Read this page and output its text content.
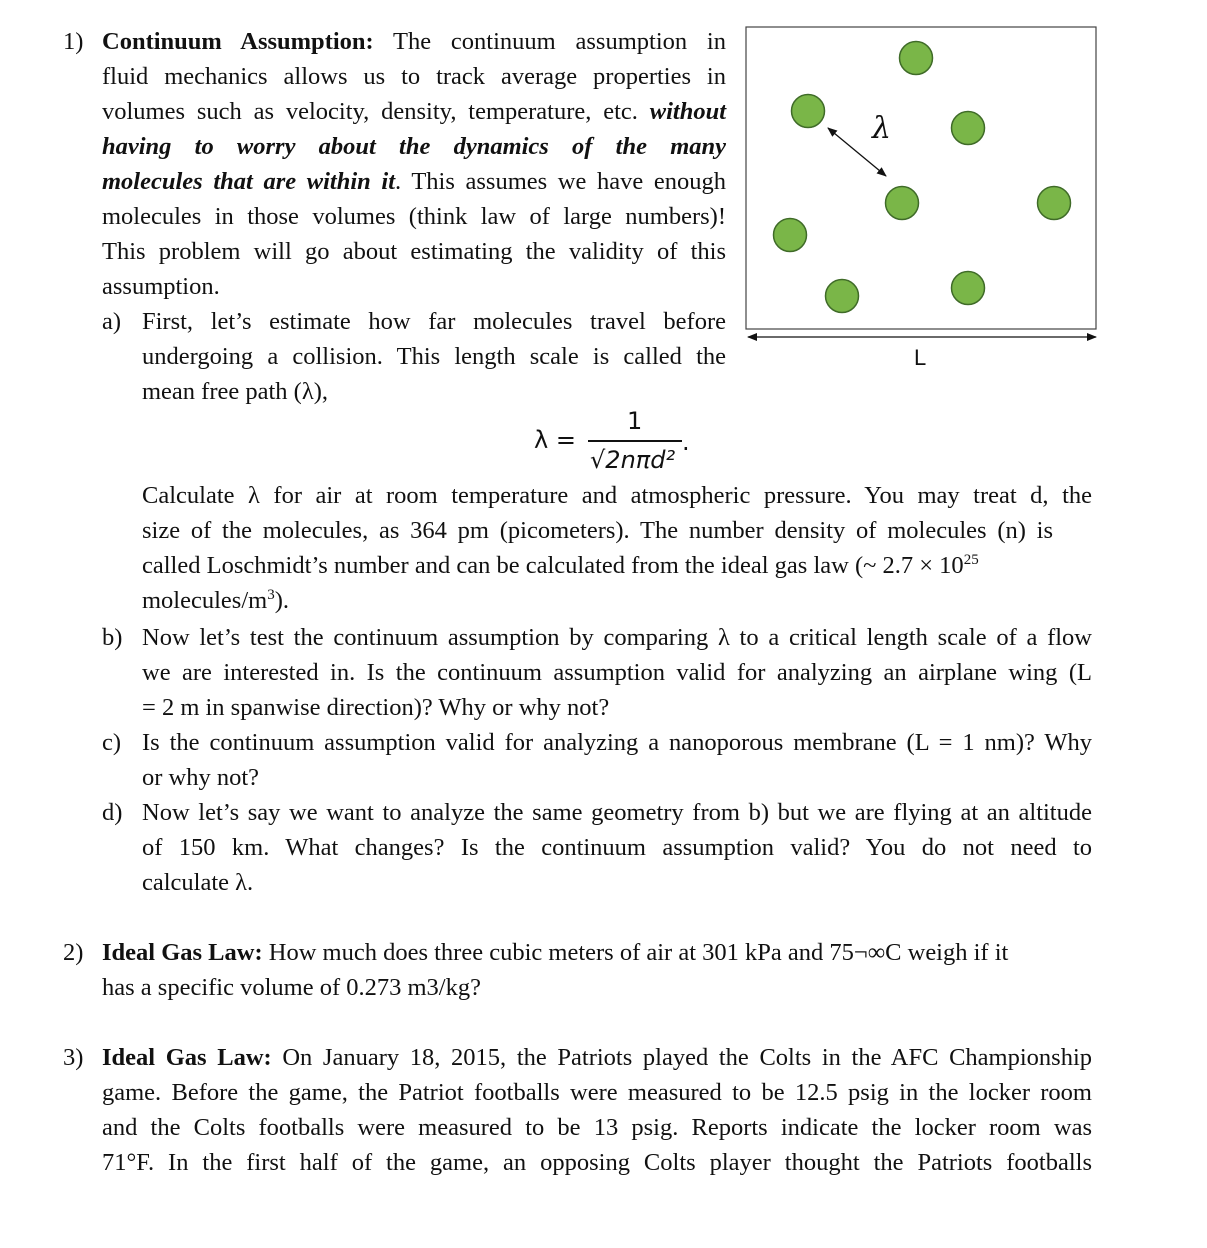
1) Continuum Assumption: The continuum assumption in
fluid mechanics allows us to track average properties in
volumes such as velocity, density, temperature, etc. without
having to worry about the dynamics of the many
molecules that are within it. This assumes we have enough
molecules in those volumes (think law of large numbers)!
This problem will go about estimating the validity of this
assumption.
a) First, let’s estimate how far molecules travel before
undergoing a collision. This length scale is called the
mean free path (λ),
λ =
1
√2nπd²
.
Calculate λ for air at room temperature and atmospheric pressure. You may treat d, the
size of the molecules, as 364 pm (picometers). The number density of molecules (n) is
called Loschmidt’s number and can be calculated from the ideal gas law (~ $2.7 \times 10^{25}$
molecules/$m^3$).
b) Now let’s test the continuum assumption by comparing λ to a critical length scale of a flow
we are interested in. Is the continuum assumption valid for analyzing an airplane wing (L
= 2 m in spanwise direction)? Why or why not?
c) Is the continuum assumption valid for analyzing a nanoporous membrane (L = 1 nm)? Why
or why not?
d) Now let’s say we want to analyze the same geometry from b) but we are flying at an altitude
of 150 km. What changes? Is the continuum assumption valid? You do not need to
calculate λ.
2) Ideal Gas Law: How much does three cubic meters of air at 301 kPa and 75¬∞C weigh if it
has a specific volume of 0.273 m3/kg?
3) Ideal Gas Law: On January 18, 2015, the Patriots played the Colts in the AFC Championship
game. Before the game, the Patriot footballs were measured to be 12.5 psig in the locker room
and the Colts footballs were measured to be 13 psig. Reports indicate the locker room was
71°F. In the first half of the game, an opposing Colts player thought the Patriots footballs
λ
L
